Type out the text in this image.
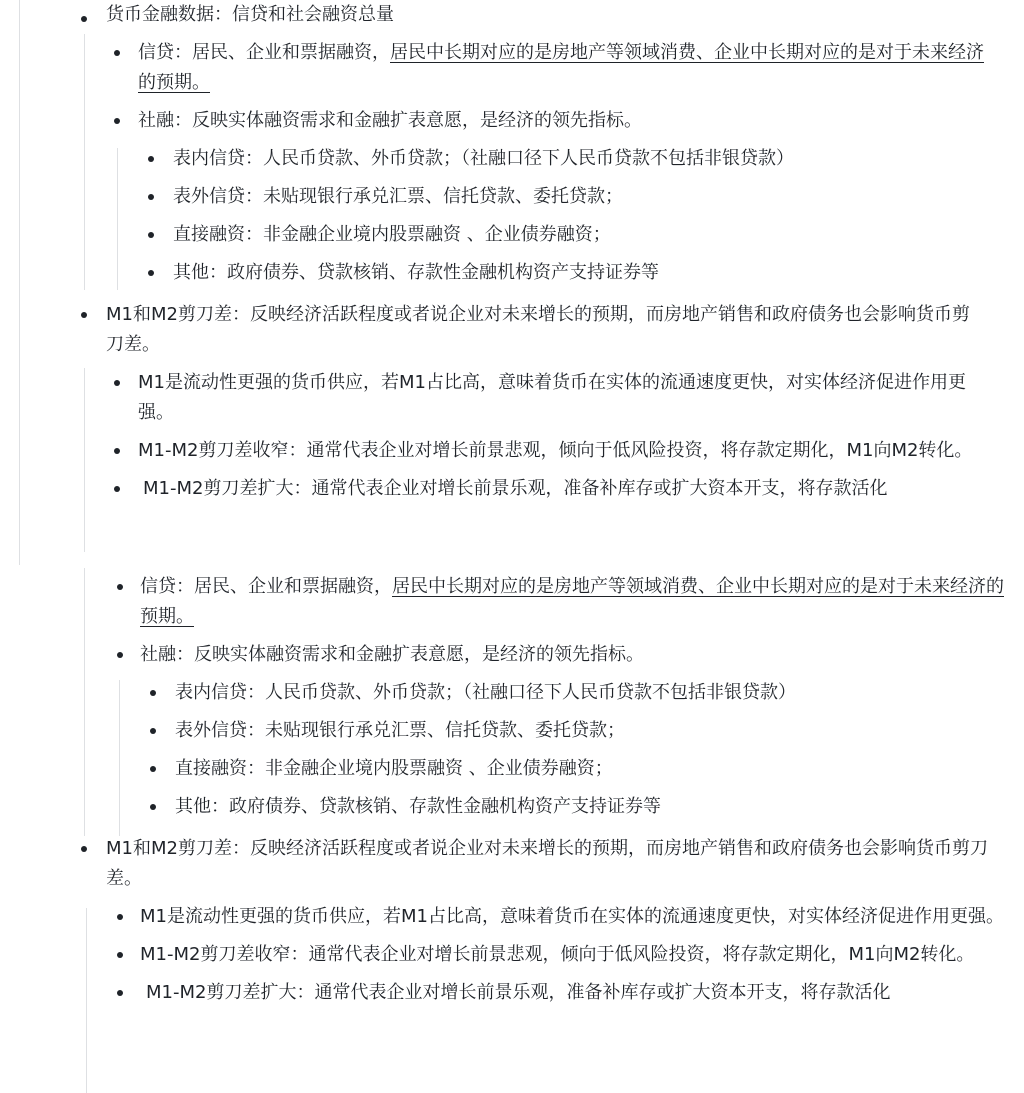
货币金融数据：信贷和社会融资总量
信贷：居民、企业和票据融资，居民中长期对应的是房地产等领域消费、企业中长期对应的是对于未来经济的预期。
社融：反映实体融资需求和金融扩表意愿，是经济的领先指标。
表内信贷：人民币贷款、外币贷款；（社融口径下人民币贷款不包括非银贷款）
表外信贷：未贴现银行承兑汇票、信托贷款、委托贷款；
直接融资：非金融企业境内股票融资 、企业债券融资；
其他：政府债券、贷款核销、存款性金融机构资产支持证券等
M1和M2剪刀差：反映经济活跃程度或者说企业对未来增长的预期，而房地产销售和政府债务也会影响货币剪刀差。
M1是流动性更强的货币供应，若M1占比高，意味着货币在实体的流通速度更快，对实体经济促进作用更强。
M1-M2剪刀差收窄：通常代表企业对增长前景悲观，倾向于低风险投资，将存款定期化，M1向M2转化。
M1-M2剪刀差扩大：通常代表企业对增长前景乐观，准备补库存或扩大资本开支，将存款活化
信贷：居民、企业和票据融资，居民中长期对应的是房地产等领域消费、企业中长期对应的是对于未来经济的预期。
社融：反映实体融资需求和金融扩表意愿，是经济的领先指标。
表内信贷：人民币贷款、外币贷款；（社融口径下人民币贷款不包括非银贷款）
表外信贷：未贴现银行承兑汇票、信托贷款、委托贷款；
直接融资：非金融企业境内股票融资 、企业债券融资；
其他：政府债券、贷款核销、存款性金融机构资产支持证券等
M1和M2剪刀差：反映经济活跃程度或者说企业对未来增长的预期，而房地产销售和政府债务也会影响货币剪刀差。
M1是流动性更强的货币供应，若M1占比高，意味着货币在实体的流通速度更快，对实体经济促进作用更强。
M1-M2剪刀差收窄：通常代表企业对增长前景悲观，倾向于低风险投资，将存款定期化，M1向M2转化。
M1-M2剪刀差扩大：通常代表企业对增长前景乐观，准备补库存或扩大资本开支，将存款活化
